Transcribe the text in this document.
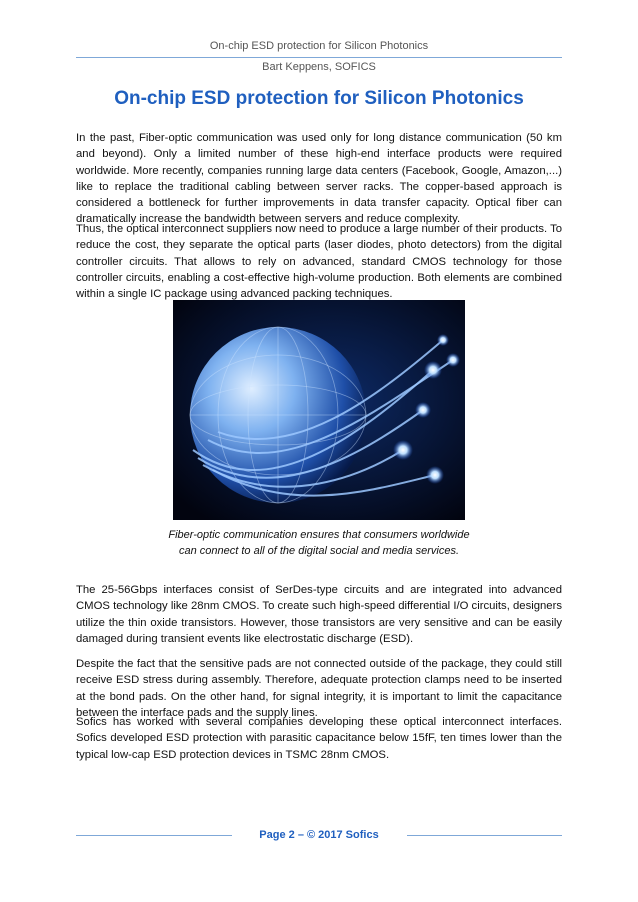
On-chip ESD protection for Silicon Photonics
Bart Keppens, SOFICS
On-chip ESD protection for Silicon Photonics

In the past, Fiber-optic communication was used only for long distance communication (50 km and beyond). Only a limited number of these high-end interface products were required worldwide. More recently, companies running large data centers (Facebook, Google, Amazon,...) like to replace the traditional cabling between server racks. The copper-based approach is considered a bottleneck for further improvements in data transfer capacity. Optical fiber can dramatically increase the bandwidth between servers and reduce complexity.

Thus, the optical interconnect suppliers now need to produce a large number of their products. To reduce the cost, they separate the optical parts (laser diodes, photo detectors) from the digital controller circuits. That allows to rely on advanced, standard CMOS technology for those controller circuits, enabling a cost-effective high-volume production. Both elements are combined within a single IC package using advanced packing techniques.

Fiber-optic communication ensures that consumers worldwide
can connect to all of the digital social and media services.

The 25-56Gbps interfaces consist of SerDes-type circuits and are integrated into advanced CMOS technology like 28nm CMOS. To create such high-speed differential I/O circuits, designers utilize the thin oxide transistors. However, those transistors are very sensitive and can be easily damaged during transient events like electrostatic discharge (ESD).

Despite the fact that the sensitive pads are not connected outside of the package, they could still receive ESD stress during assembly. Therefore, adequate protection clamps need to be inserted at the bond pads. On the other hand, for signal integrity, it is important to limit the capacitance between the interface pads and the supply lines.

Sofics has worked with several companies developing these optical interconnect interfaces. Sofics developed ESD protection with parasitic capacitance below 15fF, ten times lower than the typical low-cap ESD protection devices in TSMC 28nm CMOS.

Page 2 – © 2017 Sofics
